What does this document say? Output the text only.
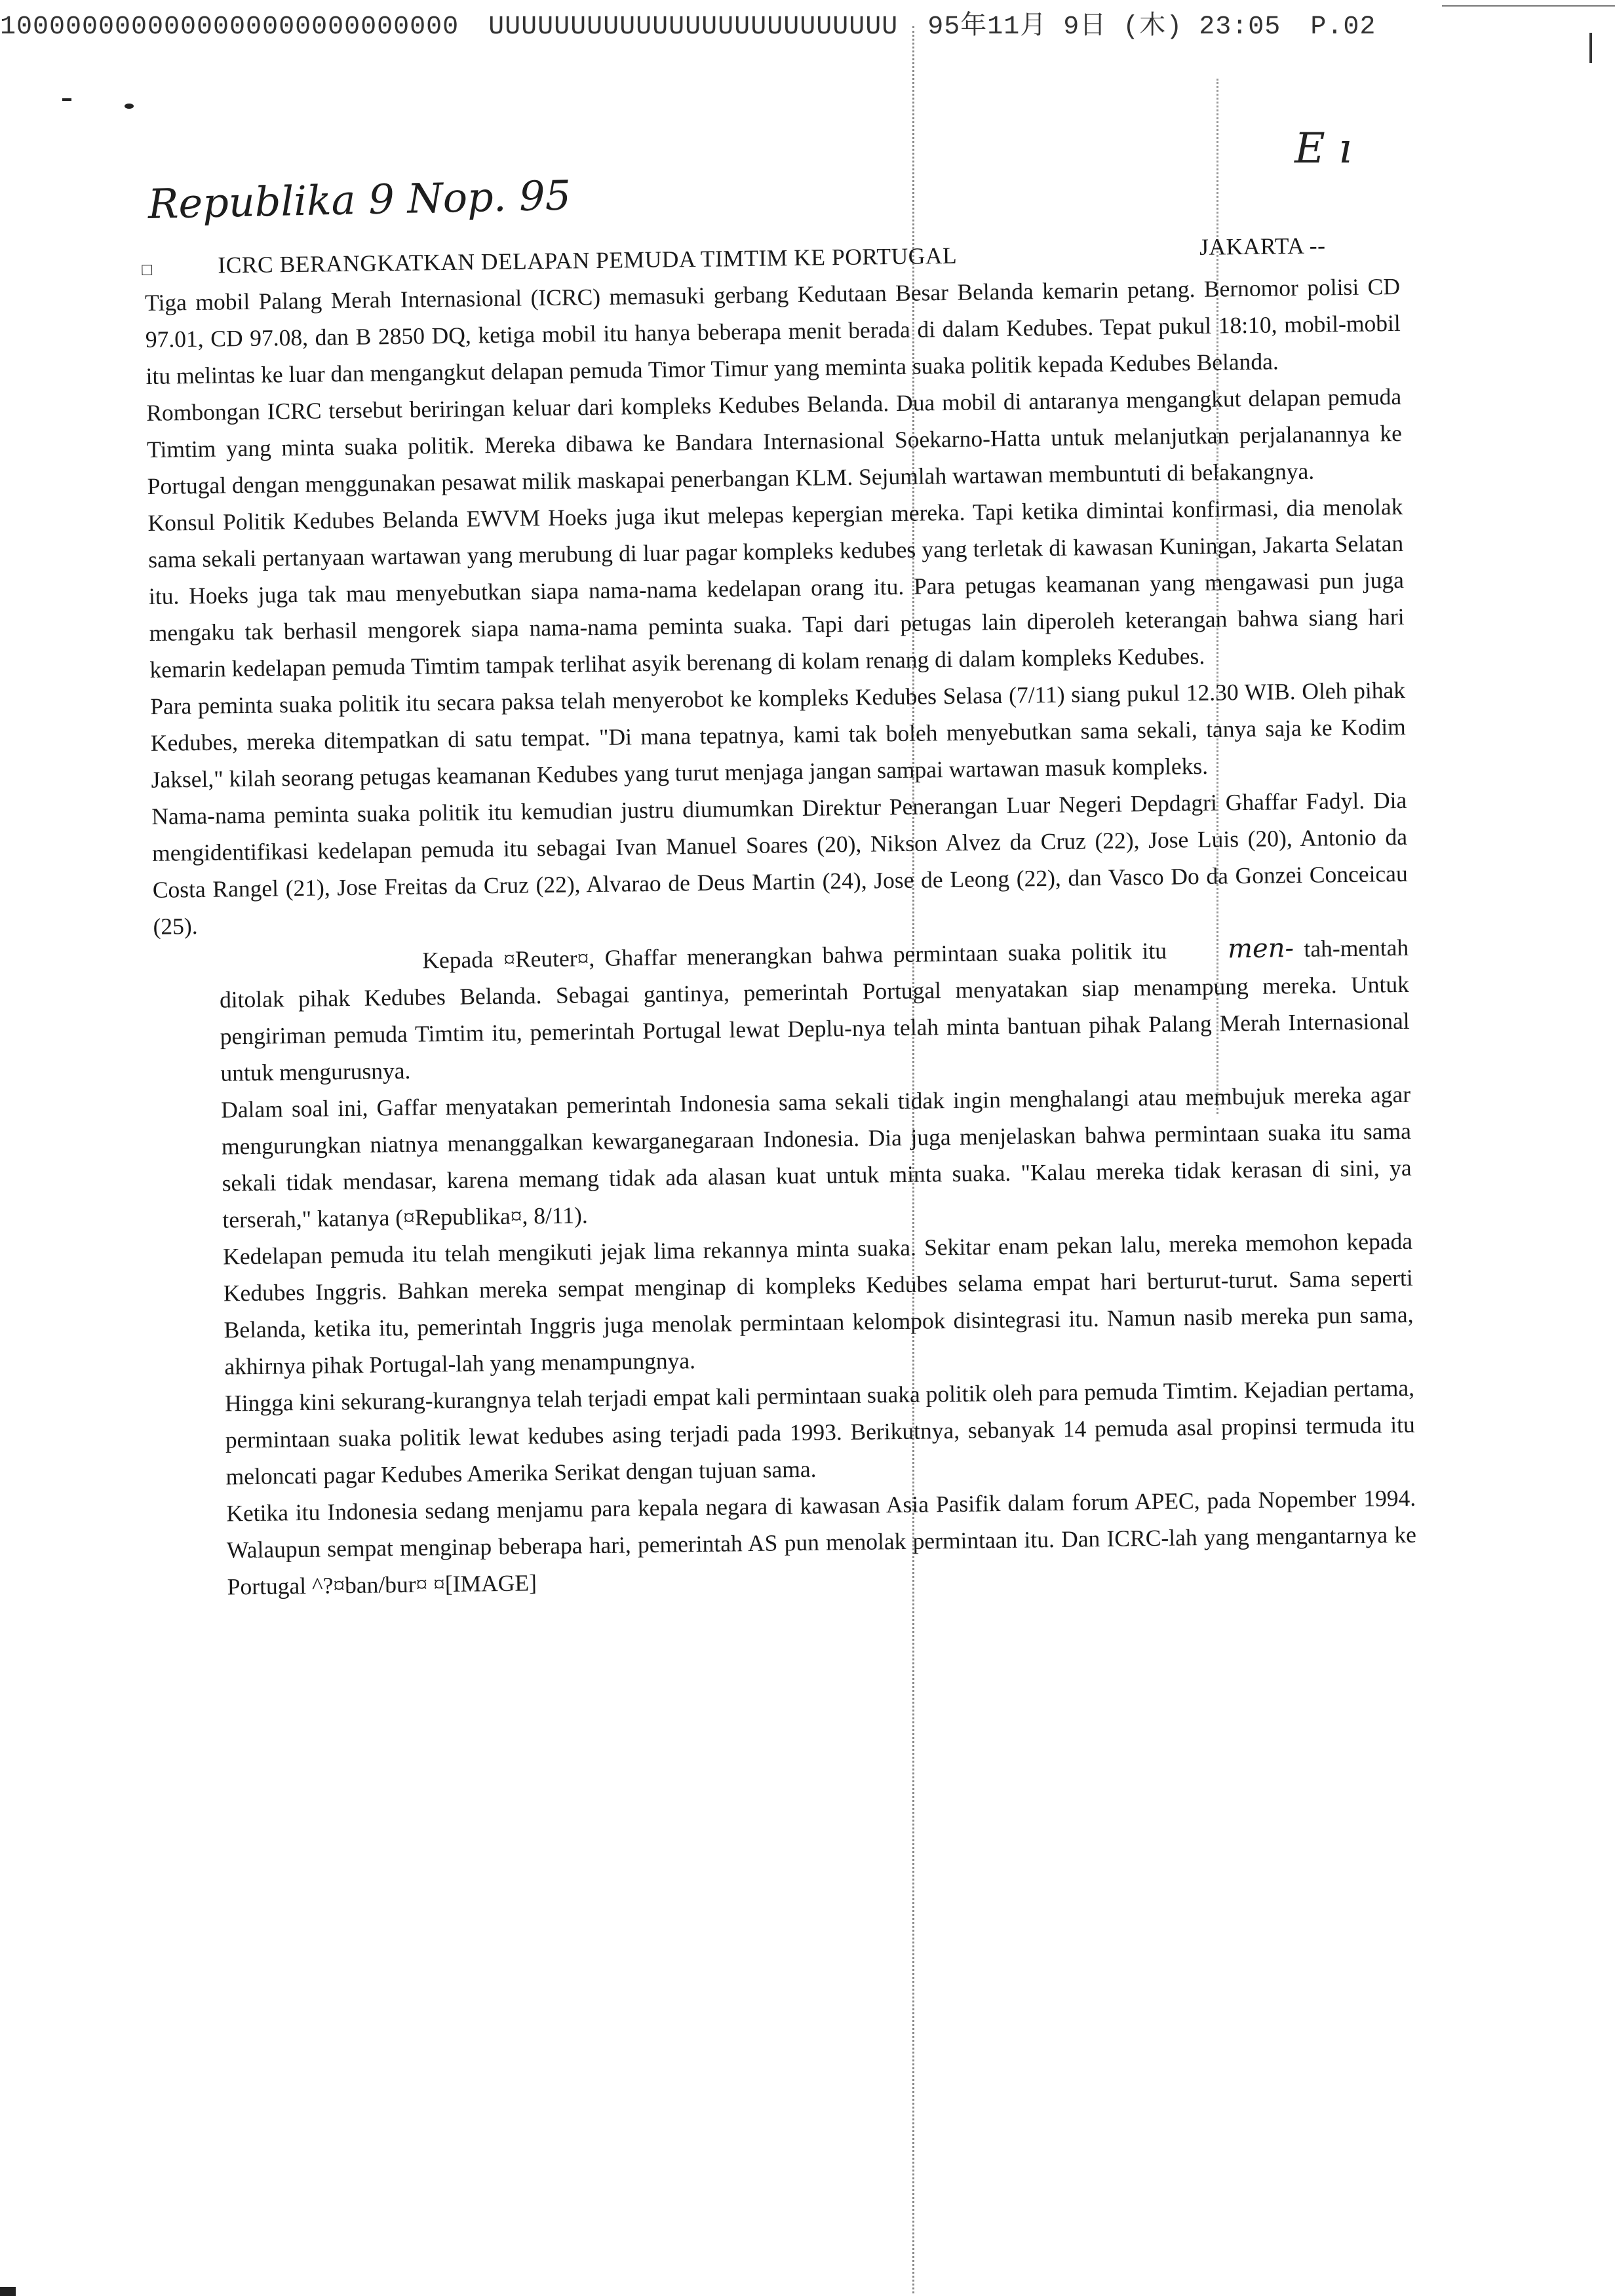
1000000000000000000000000000 UUUUUUUUUUUUUUUUUUUUUUUUU 95年11月 9日 (木) 23:05 P.02
E ı
Republika 9 Nop. 95
□	ICRC BERANGKATKAN DELAPAN PEMUDA TIMTIM KE PORTUGAL	JAKARTA --

Tiga mobil Palang Merah Internasional (ICRC) memasuki gerbang Kedutaan Besar Belanda kemarin petang. Bernomor polisi CD 97.01, CD 97.08, dan B 2850 DQ, ketiga mobil itu hanya beberapa menit berada di dalam Kedubes. Tepat pukul 18:10, mobil-mobil itu melintas ke luar dan mengangkut delapan pemuda Timor Timur yang meminta suaka politik kepada Kedubes Belanda.

Rombongan ICRC tersebut beriringan keluar dari kompleks Kedubes Belanda. Dua mobil di antaranya mengangkut delapan pemuda Timtim yang minta suaka politik. Mereka dibawa ke Bandara Internasional Soekarno-Hatta untuk melanjutkan perjalanannya ke Portugal dengan menggunakan pesawat milik maskapai penerbangan KLM. Sejumlah wartawan membuntuti di belakangnya.

Konsul Politik Kedubes Belanda EWVM Hoeks juga ikut melepas kepergian mereka. Tapi ketika dimintai konfirmasi, dia menolak sama sekali pertanyaan wartawan yang merubung di luar pagar kompleks kedubes yang terletak di kawasan Kuningan, Jakarta Selatan itu. Hoeks juga tak mau menyebutkan siapa nama-nama kedelapan orang itu. Para petugas keamanan yang mengawasi pun juga mengaku tak berhasil mengorek siapa nama-nama peminta suaka. Tapi dari petugas lain diperoleh keterangan bahwa siang hari kemarin kedelapan pemuda Timtim tampak terlihat asyik berenang di kolam renang di dalam kompleks Kedubes.

Para peminta suaka politik itu secara paksa telah menyerobot ke kompleks Kedubes Selasa (7/11) siang pukul 12.30 WIB. Oleh pihak Kedubes, mereka ditempatkan di satu tempat. "Di mana tepatnya, kami tak boleh menyebutkan sama sekali, tanya saja ke Kodim Jaksel," kilah seorang petugas keamanan Kedubes yang turut menjaga jangan sampai wartawan masuk kompleks.

Nama-nama peminta suaka politik itu kemudian justru diumumkan Direktur Penerangan Luar Negeri Depdagri Ghaffar Fadyl. Dia mengidentifikasi kedelapan pemuda itu sebagai Ivan Manuel Soares (20), Nikson Alvez da Cruz (22), Jose Luis (20), Antonio da Costa Rangel (21), Jose Freitas da Cruz (22), Alvarao de Deus Martin (24), Jose de Leong (22), dan Vasco Do da Gonzei Conceicau (25).

Kepada ¤Reuter¤, Ghaffar menerangkan bahwa permintaan suaka politik itu men- tah-mentah ditolak pihak Kedubes Belanda. Sebagai gantinya, pemerintah Portugal menyatakan siap menampung mereka. Untuk pengiriman pemuda Timtim itu, pemerintah Portugal lewat Deplu-nya telah minta bantuan pihak Palang Merah Internasional untuk mengurusnya.

Dalam soal ini, Gaffar menyatakan pemerintah Indonesia sama sekali tidak ingin menghalangi atau membujuk mereka agar mengurungkan niatnya menanggalkan kewarganegaraan Indonesia. Dia juga menjelaskan bahwa permintaan suaka itu sama sekali tidak mendasar, karena memang tidak ada alasan kuat untuk minta suaka. "Kalau mereka tidak kerasan di sini, ya terserah," katanya (¤Republika¤, 8/11).

Kedelapan pemuda itu telah mengikuti jejak lima rekannya minta suaka. Sekitar enam pekan lalu, mereka memohon kepada Kedubes Inggris. Bahkan mereka sempat menginap di kompleks Kedubes selama empat hari berturut-turut. Sama seperti Belanda, ketika itu, pemerintah Inggris juga menolak permintaan kelompok disintegrasi itu. Namun nasib mereka pun sama, akhirnya pihak Portugal-lah yang menampungnya.

Hingga kini sekurang-kurangnya telah terjadi empat kali permintaan suaka politik oleh para pemuda Timtim. Kejadian pertama, permintaan suaka politik lewat kedubes asing terjadi pada 1993. Berikutnya, sebanyak 14 pemuda asal propinsi termuda itu meloncati pagar Kedubes Amerika Serikat dengan tujuan sama.

Ketika itu Indonesia sedang menjamu para kepala negara di kawasan Asia Pasifik dalam forum APEC, pada Nopember 1994. Walaupun sempat menginap beberapa hari, pemerintah AS pun menolak permintaan itu. Dan ICRC-lah yang mengantarnya ke Portugal ^?¤ban/bur¤ ¤[IMAGE]
